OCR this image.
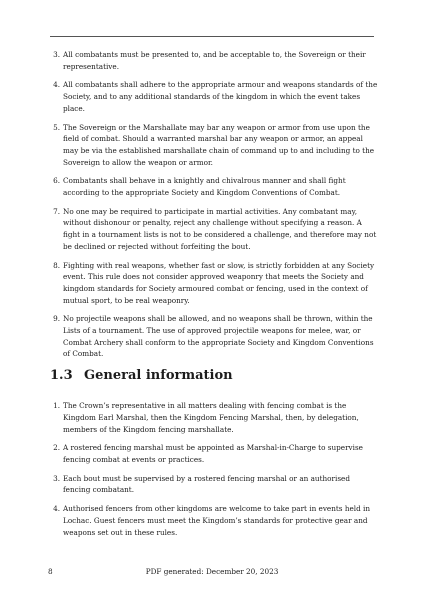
3. All combatants must be presented to, and be acceptable to, the Sovereign or their representative.
4. All combatants shall adhere to the appropriate armour and weapons standards of the Society, and to any additional standards of the kingdom in which the event takes place.
5. The Sovereign or the Marshallate may bar any weapon or armor from use upon the field of combat. Should a warranted marshal bar any weapon or armor, an appeal may be via the established marshallate chain of command up to and including to the Sovereign to allow the weapon or armor.
6. Combatants shall behave in a knightly and chivalrous manner and shall fight according to the appropriate Society and Kingdom Conventions of Combat.
7. No one may be required to participate in martial activities. Any combatant may, without dishonour or penalty, reject any challenge without specifying a reason. A fight in a tournament lists is not to be considered a challenge, and therefore may not be declined or rejected without forfeiting the bout.
8. Fighting with real weapons, whether fast or slow, is strictly forbidden at any Society event. This rule does not consider approved weaponry that meets the Society and kingdom standards for Society armoured combat or fencing, used in the context of mutual sport, to be real weaponry.
9. No projectile weapons shall be allowed, and no weapons shall be thrown, within the Lists of a tournament. The use of approved projectile weapons for melee, war, or Combat Archery shall conform to the appropriate Society and Kingdom Conventions of Combat.
1.3 General information
1. The Crown’s representative in all matters dealing with fencing combat is the Kingdom Earl Marshal, then the Kingdom Fencing Marshal, then, by delegation, members of the Kingdom fencing marshallate.
2. A rostered fencing marshal must be appointed as Marshal-in-Charge to supervise fencing combat at events or practices.
3. Each bout must be supervised by a rostered fencing marshal or an authorised fencing combatant.
4. Authorised fencers from other kingdoms are welcome to take part in events held in Lochac. Guest fencers must meet the Kingdom’s standards for protective gear and weapons set out in these rules.
8	PDF generated: December 20, 2023
